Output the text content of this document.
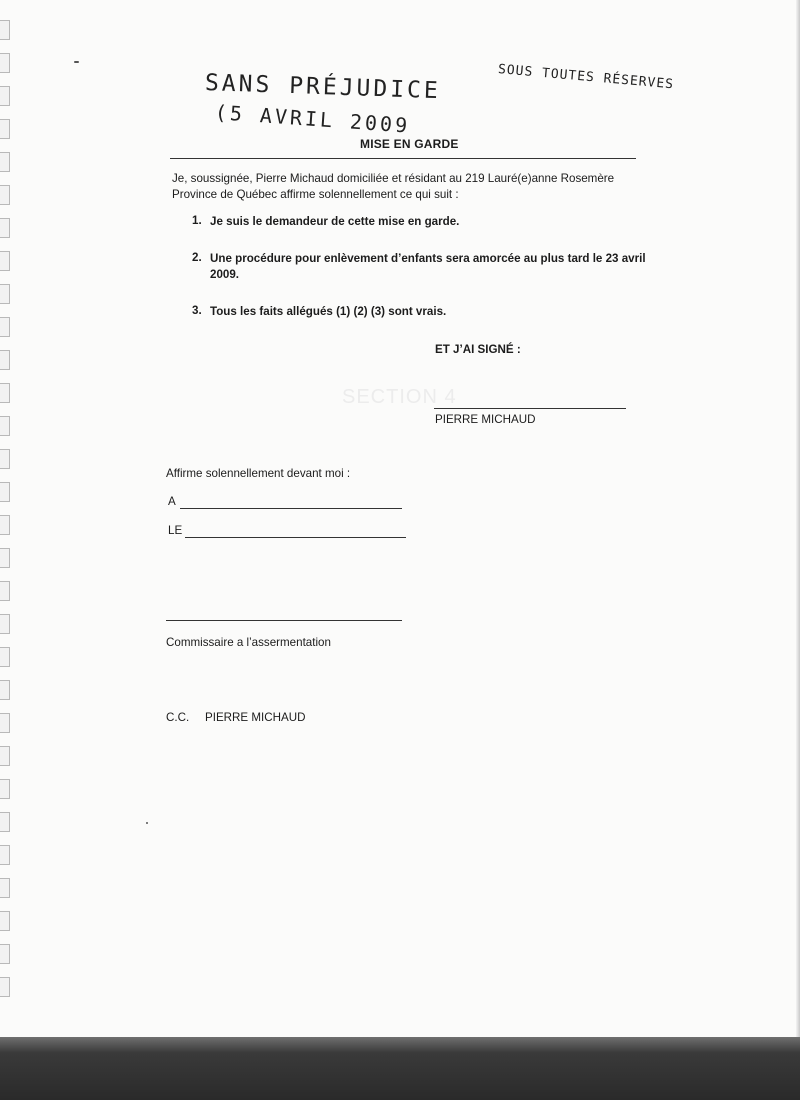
SANS PRÉJUDICE
(5 AVRIL 2009
SOUS TOUTES RÉSERVES
MISE EN GARDE
Je, soussignée, Pierre Michaud domiciliée et résidant au 219 Lauré(e)anne Rosemère
Province de Québec affirme solennellement ce qui suit :
1. Je suis le demandeur de cette mise en garde.
2. Une procédure pour enlèvement d’enfants sera amorcée au plus tard le 23 avril
2009.
3. Tous les faits allégués (1) (2) (3) sont vrais.
ET J’AI SIGNÉ :
SECTION 4
PIERRE MICHAUD
Affirme solennellement devant moi :
A
LE
Commissaire a l’assermentation
C.C. PIERRE MICHAUD
